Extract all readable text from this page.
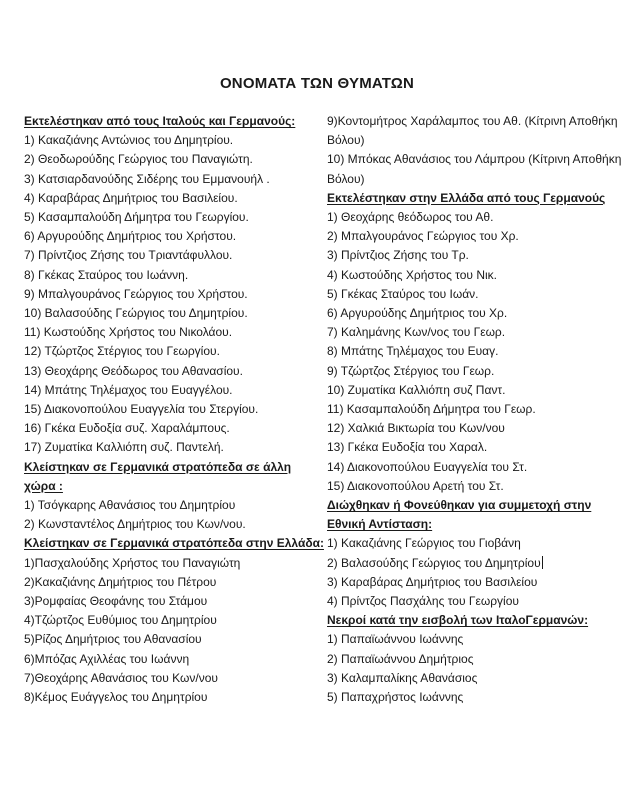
ΟΝΟΜΑΤΑ ΤΩΝ ΘΥΜΑΤΩΝ
Εκτελέστηκαν από τους Ιταλούς και Γερμανούς:
1) Κακαζιάνης Αντώνιος του Δημητρίου.
2) Θεοδωρούδης Γεώργιος του Παναγιώτη.
3) Κατσιαρδανούδης Σιδέρης του Εμμανουήλ .
4) Καραβάρας Δημήτριος του Βασιλείου.
5) Κασαμπαλούδη Δήμητρα του Γεωργίου.
6) Αργυρούδης Δημήτριος του Χρήστου.
7) Πρίντζιος Ζήσης του Τριαντάφυλλου.
8) Γκέκας Σταύρος του Ιωάννη.
9) Μπαλγουράνος Γεώργιος του Χρήστου.
10) Βαλασούδης Γεώργιος του Δημητρίου.
11) Κωστούδης Χρήστος του Νικολάου.
12) Τζώρτζος Στέργιος του Γεωργίου.
13) Θεοχάρης Θεόδωρος του Αθανασίου.
14) Μπάτης Τηλέμαχος του Ευαγγέλου.
15) Διακονοπούλου Ευαγγελία του Στεργίου.
16) Γκέκα Ευδοξία συζ. Χαραλάμπους.
17) Ζυματίκα Καλλιόπη συζ. Παντελή.
Κλείστηκαν σε Γερμανικά στρατόπεδα σε άλλη χώρα :
1) Τσόγκαρης Αθανάσιος του Δημητρίου
2) Κωνσταντέλος Δημήτριος του Κων/νου.
Κλείστηκαν σε Γερμανικά στρατόπεδα στην Ελλάδα:
1)Πασχαλούδης Χρήστος του Παναγιώτη
2)Κακαζιάνης Δημήτριος του Πέτρου
3)Ρομφαίας Θεοφάνης του Στάμου
4)Τζώρτζος Ευθύμιος του Δημητρίου
5)Ρίζος Δημήτριος του Αθανασίου
6)Μπόζας Αχιλλέας του Ιωάννη
7)Θεοχάρης Αθανάσιος του Κων/νου
8)Κέμος Ευάγγελος του Δημητρίου
9)Κοντομήτρος Χαράλαμπος του Αθ. (Κίτρινη Αποθήκη Βόλου)
10) Μπόκας Αθανάσιος του Λάμπρου (Κίτρινη Αποθήκη Βόλου)
Εκτελέστηκαν στην Ελλάδα από τους Γερμανούς
1) Θεοχάρης θεόδωρος του Αθ.
2) Μπαλγουράνος Γεώργιος του Χρ.
3) Πρίντζιος Ζήσης του Τρ.
4) Κωστούδης Χρήστος του Νικ.
5) Γκέκας Σταύρος του Ιωάν.
6) Αργυρούδης Δημήτριος του Χρ.
7) Καλημάνης Κων/νος του Γεωρ.
8) Μπάτης Τηλέμαχος του Ευαγ.
9) Τζώρτζος Στέργιος του Γεωρ.
10) Ζυματίκα Καλλιόπη συζ Παντ.
11) Κασαμπαλούδη Δήμητρα του Γεωρ.
12) Χαλκιά Βικτωρία του Κων/νου
13) Γκέκα Ευδοξία του Χαραλ.
14) Διακονοπούλου Ευαγγελία του Στ.
15) Διακονοπούλου Αρετή του Στ.
Διώχθηκαν ή Φονεύθηκαν για συμμετοχή στην Εθνική Αντίσταση:
1) Κακαζιάνης Γεώργιος του Γιοβάνη
2) Βαλασούδης Γεώργιος του Δημητρίου
3) Καραβάρας Δημήτριος του Βασιλείου
4) Πρίντζος Πασχάλης του Γεωργίου
Νεκροί κατά την εισβολή των ΙταλοΓερμανών:
1) Παπαϊωάννου Ιωάννης
2) Παπαϊωάννου Δημήτριος
3) Καλαμπαλίκης Αθανάσιος
5) Παπαχρήστος Ιωάννης
